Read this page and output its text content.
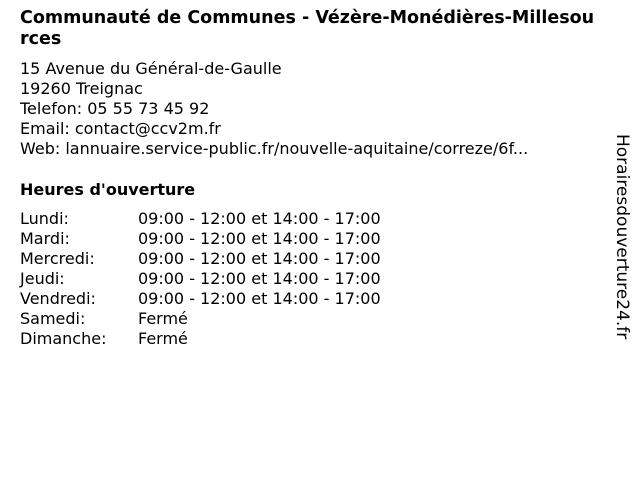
Communauté de Communes - Vézère-Monédières-Millesources
15 Avenue du Général-de-Gaulle
19260 Treignac
Telefon: 05 55 73 45 92
Email: contact@ccv2m.fr
Web: lannuaire.service-public.fr/nouvelle-aquitaine/correze/6f...
Heures d'ouverture
Lundi:	09:00 - 12:00 et 14:00 - 17:00
Mardi:	09:00 - 12:00 et 14:00 - 17:00
Mercredi:	09:00 - 12:00 et 14:00 - 17:00
Jeudi:	09:00 - 12:00 et 14:00 - 17:00
Vendredi:	09:00 - 12:00 et 14:00 - 17:00
Samedi:	Fermé
Dimanche:	Fermé	Horairesdouverture24.fr
